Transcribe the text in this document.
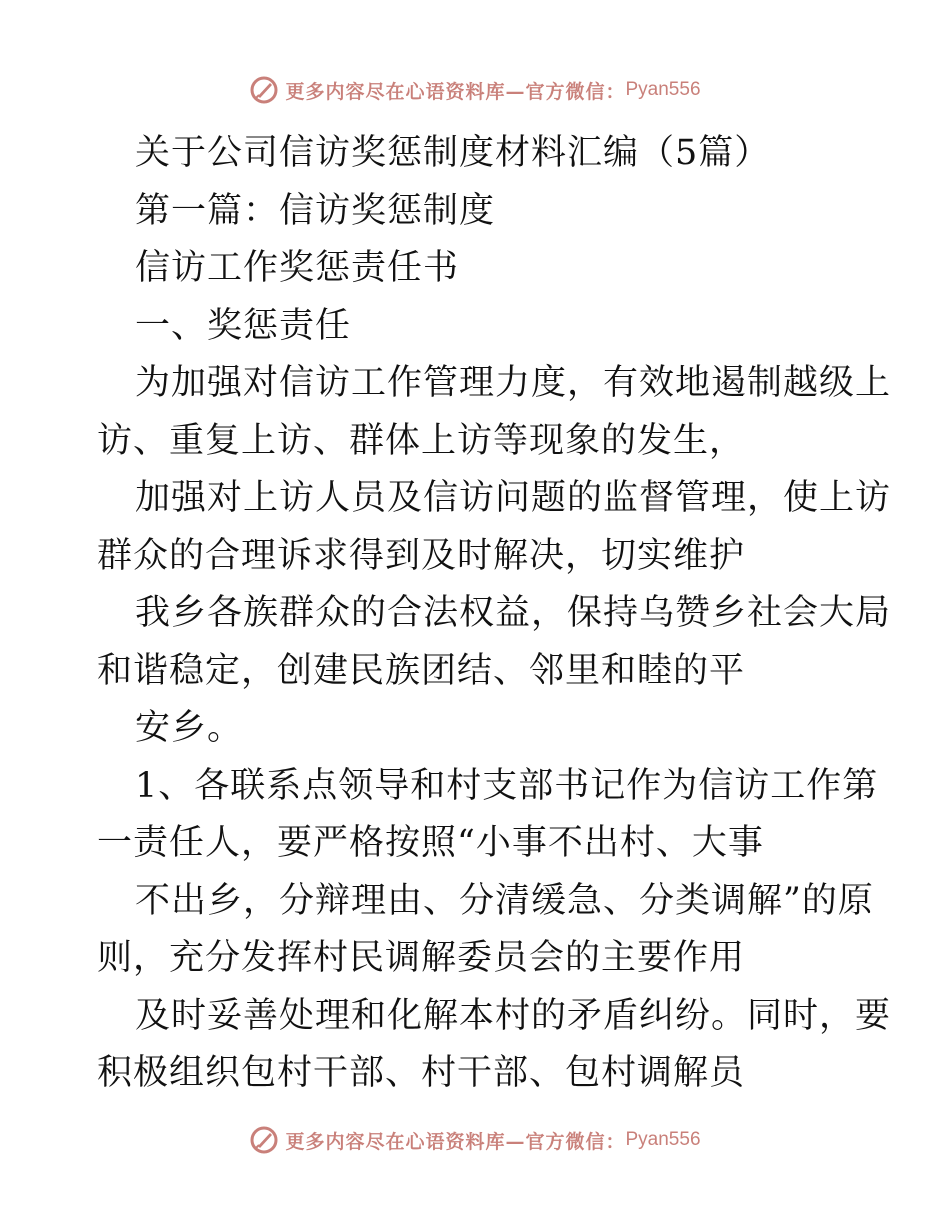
更多内容尽在心语资料库—官方微信： Pyan556
关于公司信访奖惩制度材料汇编（5篇）
第一篇：信访奖惩制度
信访工作奖惩责任书
一、奖惩责任
为加强对信访工作管理力度，有效地遏制越级上
访、重复上访、群体上访等现象的发生，
加强对上访人员及信访问题的监督管理，使上访
群众的合理诉求得到及时解决，切实维护
我乡各族群众的合法权益，保持乌赞乡社会大局
和谐稳定，创建民族团结、邻里和睦的平
安乡。
1、各联系点领导和村支部书记作为信访工作第
一责任人，要严格按照“小事不出村、大事
不出乡，分辩理由、分清缓急、分类调解”的原
则，充分发挥村民调解委员会的主要作用
及时妥善处理和化解本村的矛盾纠纷。同时，要
积极组织包村干部、村干部、包村调解员
更多内容尽在心语资料库—官方微信： Pyan556
